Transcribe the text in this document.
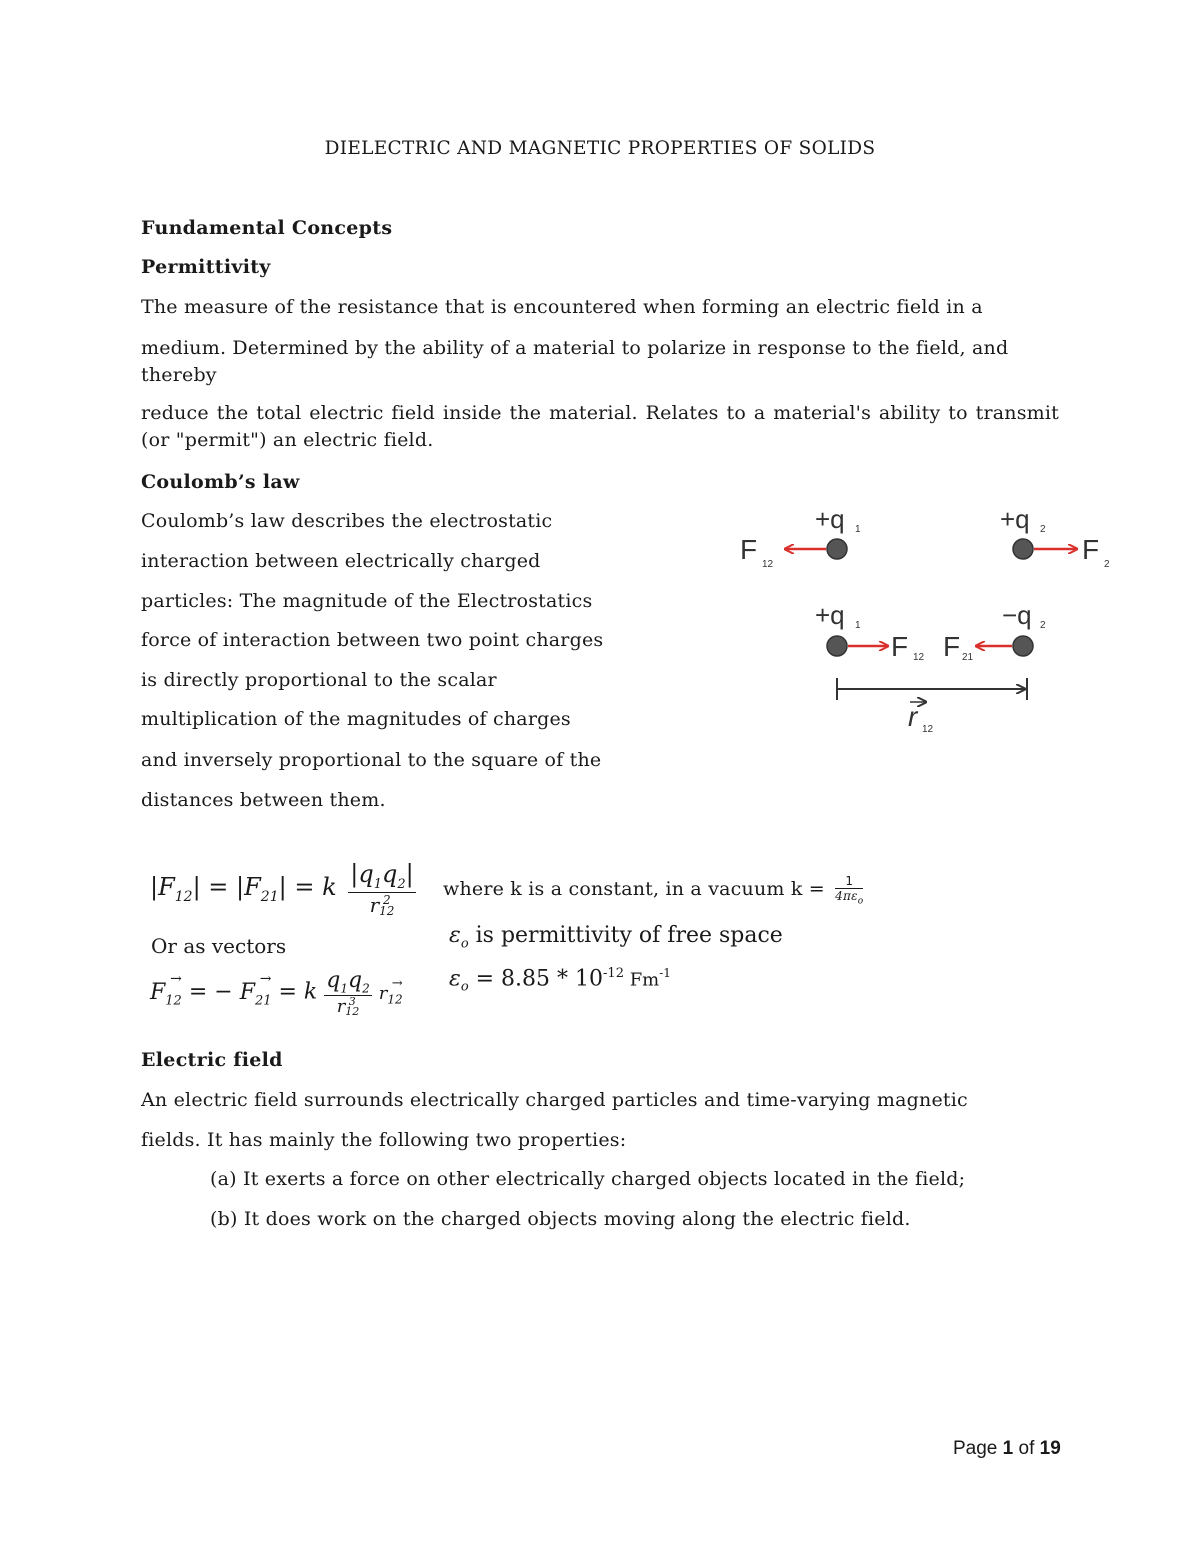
DIELECTRIC AND MAGNETIC PROPERTIES OF SOLIDS
Fundamental Concepts
Permittivity
The measure of the resistance that is encountered when forming an electric field in a
medium. Determined by the ability of a material to polarize in response to the field, and
thereby
reduce the total electric field inside the material. Relates to a material's ability to transmit (or "permit") an electric field.
Coulomb’s law
Coulomb’s law describes the electrostatic
interaction between electrically charged
particles: The magnitude of the Electrostatics
force of interaction between two point charges
is directly proportional to the scalar
multiplication of the magnitudes of charges
and inversely proportional to the square of the
distances between them.
+q 1
F 12
+q 2
F 2
+q 1
F 12 F 21
−q 2
r 12
$|F_{12}| = |F_{21}| = k$ $|q_1q_2|$
r 2
12
Or as vectors
→
$F_{12}$ = −
→
$F_{21} = k$ $q_1q_2$
r 3
12

→
$r_{12}$
where k is a constant, in a vacuum k =	1
$4\pi\varepsilon_o$
$\varepsilon_o$ is permittivity of free space
$\varepsilon_o = 8.85 * 10^{-12}$ $Fm^{-1}$
Electric field
An electric field surrounds electrically charged particles and time-varying magnetic
fields. It has mainly the following two properties:
(a) It exerts a force on other electrically charged objects located in the field;
(b) It does work on the charged objects moving along the electric field.
Page 1 of 19
